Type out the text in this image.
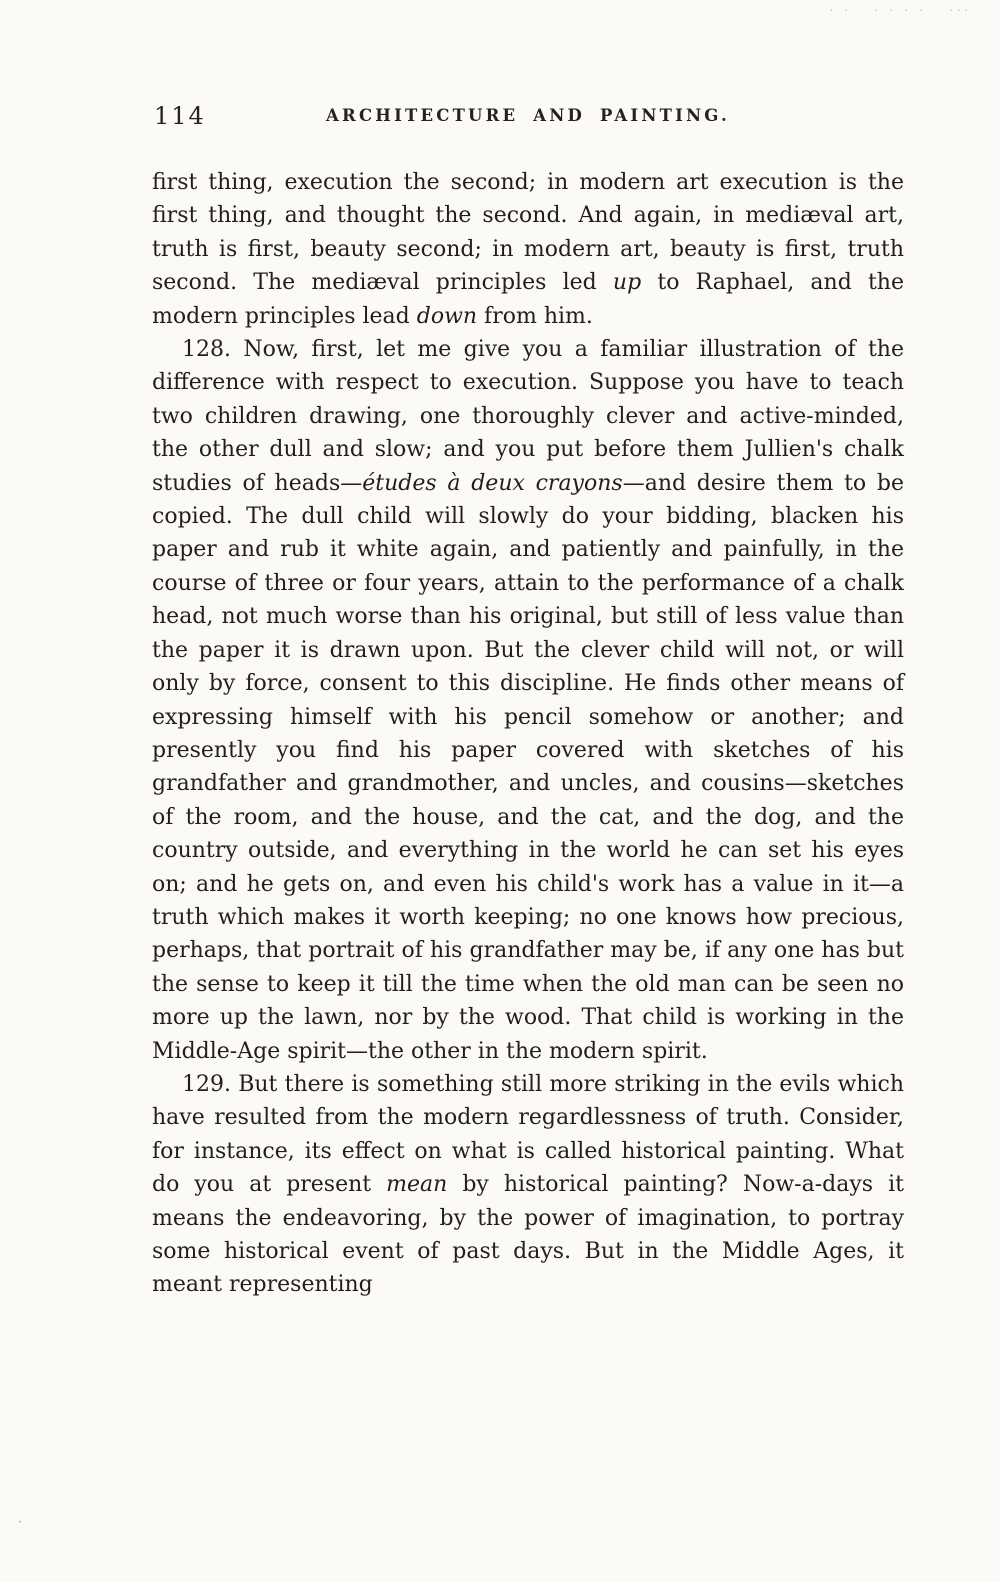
· ·   · · · ·   ···
114	ARCHITECTURE AND PAINTING.

first thing, execution the second; in modern art execution is the first thing, and thought the second. And again, in mediæval art, truth is first, beauty second; in modern art, beauty is first, truth second. The mediæval principles led up to Raphael, and the modern principles lead down from him.

128. Now, first, let me give you a familiar illustration of the difference with respect to execution. Suppose you have to teach two children drawing, one thoroughly clever and active-minded, the other dull and slow; and you put before them Jullien's chalk studies of heads—études à deux crayons—and desire them to be copied. The dull child will slowly do your bidding, blacken his paper and rub it white again, and patiently and painfully, in the course of three or four years, attain to the performance of a chalk head, not much worse than his original, but still of less value than the paper it is drawn upon. But the clever child will not, or will only by force, consent to this discipline. He finds other means of expressing himself with his pencil somehow or another; and presently you find his paper covered with sketches of his grandfather and grandmother, and uncles, and cousins—sketches of the room, and the house, and the cat, and the dog, and the country outside, and everything in the world he can set his eyes on; and he gets on, and even his child's work has a value in it—a truth which makes it worth keeping; no one knows how precious, perhaps, that portrait of his grandfather may be, if any one has but the sense to keep it till the time when the old man can be seen no more up the lawn, nor by the wood. That child is working in the Middle-Age spirit—the other in the modern spirit.

129. But there is something still more striking in the evils which have resulted from the modern regardlessness of truth. Consider, for instance, its effect on what is called historical painting. What do you at present mean by historical painting? Now-a-days it means the endeavoring, by the power of imagination, to portray some historical event of past days. But in the Middle Ages, it meant representing

·
